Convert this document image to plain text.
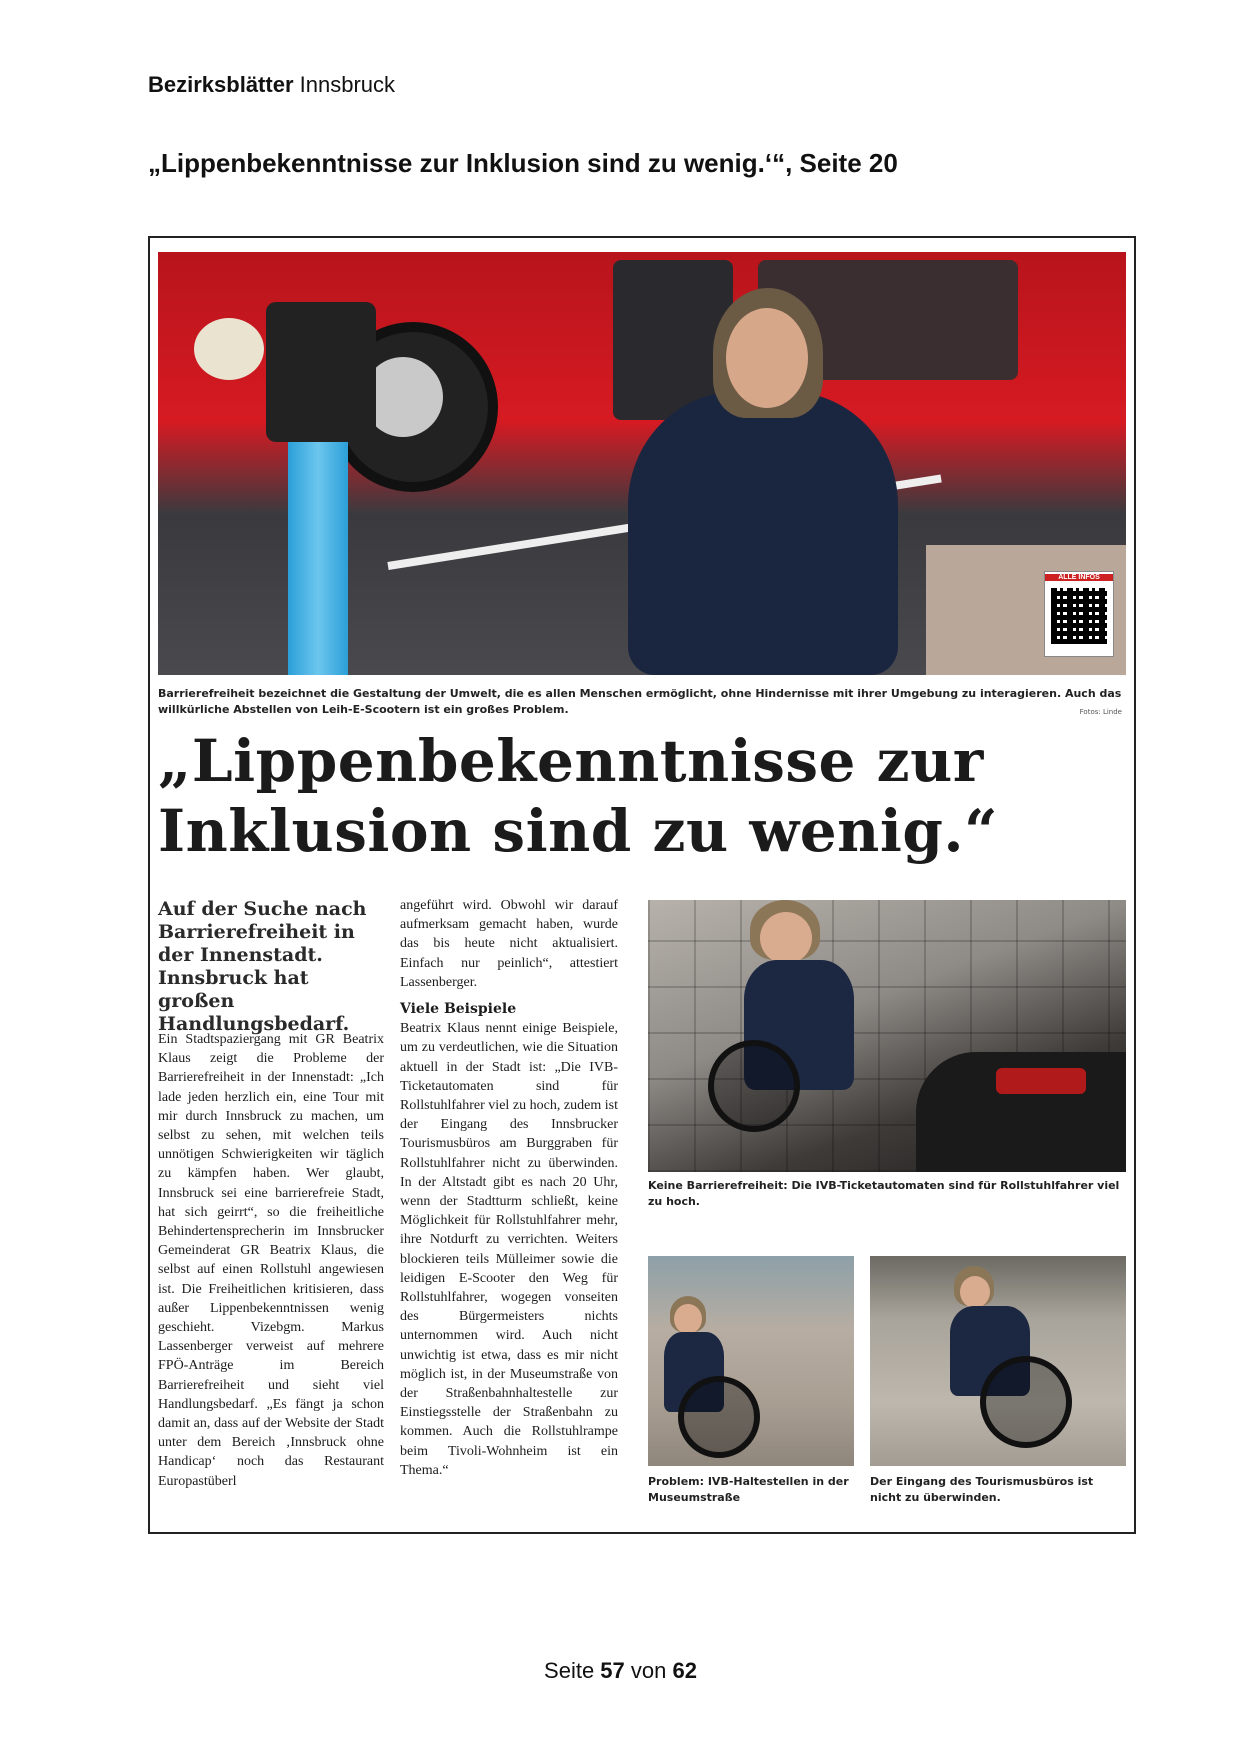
Bezirksblätter Innsbruck
„Lippenbekenntnisse zur Inklusion sind zu wenig.‘“, Seite 20
ALLE INFOS
Barrierefreiheit bezeichnet die Gestaltung der Umwelt, die es allen Menschen ermöglicht, ohne Hindernisse mit ihrer Umgebung zu interagieren. Auch das willkürliche Abstellen von Leih-E-Scootern ist ein großes Problem.	Fotos: Linde
„Lippenbekenntnisse zur Inklusion sind zu wenig.“
Auf der Suche nach Barrierefreiheit in der Innenstadt. Innsbruck hat großen Handlungsbedarf.
Ein Stadtspaziergang mit GR Beatrix Klaus zeigt die Probleme der Barrierefreiheit in der Innenstadt: „Ich lade jeden herzlich ein, eine Tour mit mir durch Innsbruck zu machen, um selbst zu sehen, mit welchen teils unnötigen Schwierigkeiten wir täglich zu kämpfen haben. Wer glaubt, Innsbruck sei eine barrierefreie Stadt, hat sich geirrt“, so die freiheitliche Behindertensprecherin im Innsbrucker Gemeinderat GR Beatrix Klaus, die selbst auf einen Rollstuhl angewiesen ist. Die Freiheitlichen kritisieren, dass außer Lippenbekenntnissen wenig geschieht. Vizebgm. Markus Lassenberger verweist auf mehrere FPÖ-Anträge im Bereich Barrierefreiheit und sieht viel Handlungsbedarf. „Es fängt ja schon damit an, dass auf der Website der Stadt unter dem Bereich ‚Innsbruck ohne Handicap‘ noch das Restaurant Europastüberl
angeführt wird. Obwohl wir darauf aufmerksam gemacht haben, wurde das bis heute nicht aktualisiert. Einfach nur peinlich“, attestiert Lassenberger.
Viele Beispiele
Beatrix Klaus nennt einige Beispiele, um zu verdeutlichen, wie die Situation aktuell in der Stadt ist: „Die IVB-Ticketautomaten sind für Rollstuhlfahrer viel zu hoch, zudem ist der Eingang des Innsbrucker Tourismusbüros am Burggraben für Rollstuhlfahrer nicht zu überwinden. In der Altstadt gibt es nach 20 Uhr, wenn der Stadtturm schließt, keine Möglichkeit für Rollstuhlfahrer mehr, ihre Notdurft zu verrichten. Weiters blockieren teils Mülleimer sowie die leidigen E-Scooter den Weg für Rollstuhlfahrer, wogegen vonseiten des Bürgermeisters nichts unternommen wird. Auch nicht unwichtig ist etwa, dass es mir nicht möglich ist, in der Museumstraße von der Straßenbahnhaltestelle zur Einstiegsstelle der Straßenbahn zu kommen. Auch die Rollstuhlrampe beim Tivoli-Wohnheim ist ein Thema.“
Keine Barrierefreiheit: Die IVB-Ticketautomaten sind für Rollstuhlfahrer viel zu hoch.
Problem: IVB-Haltestellen in der Museumstraße
Der Eingang des Tourismusbüros ist nicht zu überwinden.
Seite 57 von 62
